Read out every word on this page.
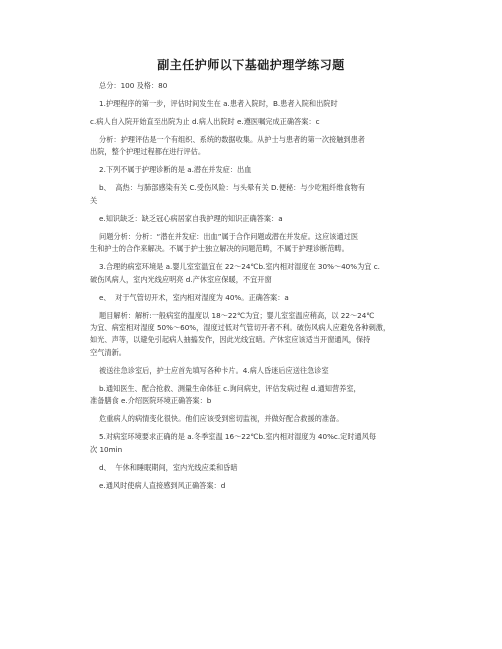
副主任护师以下基础护理学练习题

总分：100 及格：80

1.护理程序的第一步，评估时间发生在 a.患者入院时，B.患者入院和出院时

c.病人自入院开始直至出院为止 d.病人出院时 e.遵医嘱完成正确答案：c

分析：护理评估是一个有组织、系统的数据收集。从护士与患者的第一次接触到患者
出院，整个护理过程都在进行评估。

2.下列不属于护理诊断的是 a.潜在并发症：出血

b、  高热：与肺部感染有关 C.受伤风险：与头晕有关 D.便秘：与少吃粗纤维食物有
关

e.知识缺乏：缺乏冠心病居家自我护理的知识正确答案：a

问题分析：分析：“潜在并发症：出血”属于合作问题或潜在并发症。这应该通过医
生和护士的合作来解决。不属于护士独立解决的问题范畴，不属于护理诊断范畴。

3.合理的病室环境是 a.婴儿室室温宜在 22～24℃b.室内相对湿度在 30%～40%为宜 c.
破伤风病人，室内光线应明亮 d.产休室应保暖，不宜开窗

e、  对于气管切开术，室内相对湿度为 40%。正确答案：a

题目解析：解析:一般病室的温度以 18～22℃为宜；婴儿室室温应稍高，以 22～24℃
为宜、病室相对湿度 50%～60%，湿度过低对气管切开者不利。破伤风病人应避免各种刺激，
如光、声等，以避免引起病人抽搐发作，因此光线宜暗。产休室应该适当开窗通风，保持
空气清新。

被送往急诊室后，护士应首先填写各种卡片。4.病人昏迷后应送往急诊室

b.通知医生、配合抢救、测量生命体征 c.询问病史，评估发病过程 d.通知营养室，
准备膳食 e.介绍医院环境正确答案：b

危重病人的病情变化很快。他们应该受到密切监视，并做好配合救援的准备。

5.对病室环境要求正确的是 a.冬季室温 16～22℃b.室内相对湿度为 40%c.定时通风每
次 10min

d、  午休和睡眠期间，室内光线应柔和昏暗

e.通风时使病人直接感到风正确答案：d
